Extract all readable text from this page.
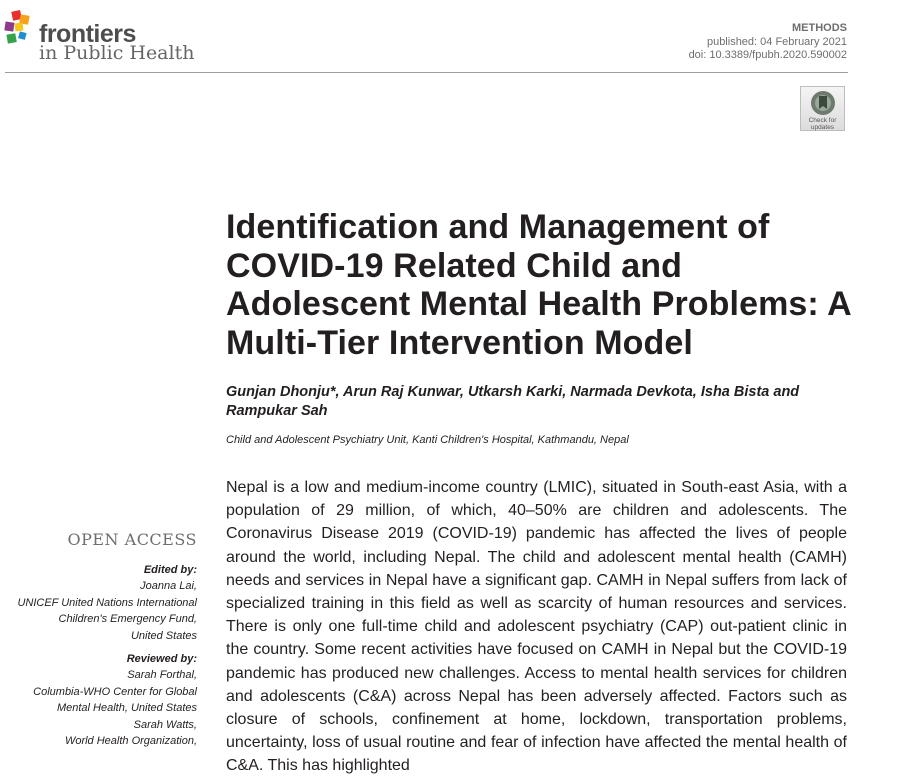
frontiers
in Public Health
METHODS
published: 04 February 2021
doi: 10.3389/fpubh.2020.590002
Check for
updates
Identification and Management of COVID-19 Related Child and Adolescent Mental Health Problems: A Multi-Tier Intervention Model
Gunjan Dhonju*, Arun Raj Kunwar, Utkarsh Karki, Narmada Devkota, Isha Bista and Rampukar Sah
Child and Adolescent Psychiatry Unit, Kanti Children's Hospital, Kathmandu, Nepal

Nepal is a low and medium-income country (LMIC), situated in South-east Asia, with a population of 29 million, of which, 40–50% are children and adolescents. The Coronavirus Disease 2019 (COVID-19) pandemic has affected the lives of people around the world, including Nepal. The child and adolescent mental health (CAMH) needs and services in Nepal have a significant gap. CAMH in Nepal suffers from lack of specialized training in this field as well as scarcity of human resources and services. There is only one full-time child and adolescent psychiatry (CAP) out-patient clinic in the country. Some recent activities have focused on CAMH in Nepal but the COVID-19 pandemic has produced new challenges. Access to mental health services for children and adolescents (C&A) across Nepal has been adversely affected. Factors such as closure of schools, confinement at home, lockdown, transportation problems, uncertainty, loss of usual routine and fear of infection have affected the mental health of C&A. This has highlighted

OPEN ACCESS
Edited by:
Joanna Lai,
UNICEF United Nations International
Children's Emergency Fund,
United States
Reviewed by:
Sarah Forthal,
Columbia-WHO Center for Global
Mental Health, United States
Sarah Watts,
World Health Organization,
